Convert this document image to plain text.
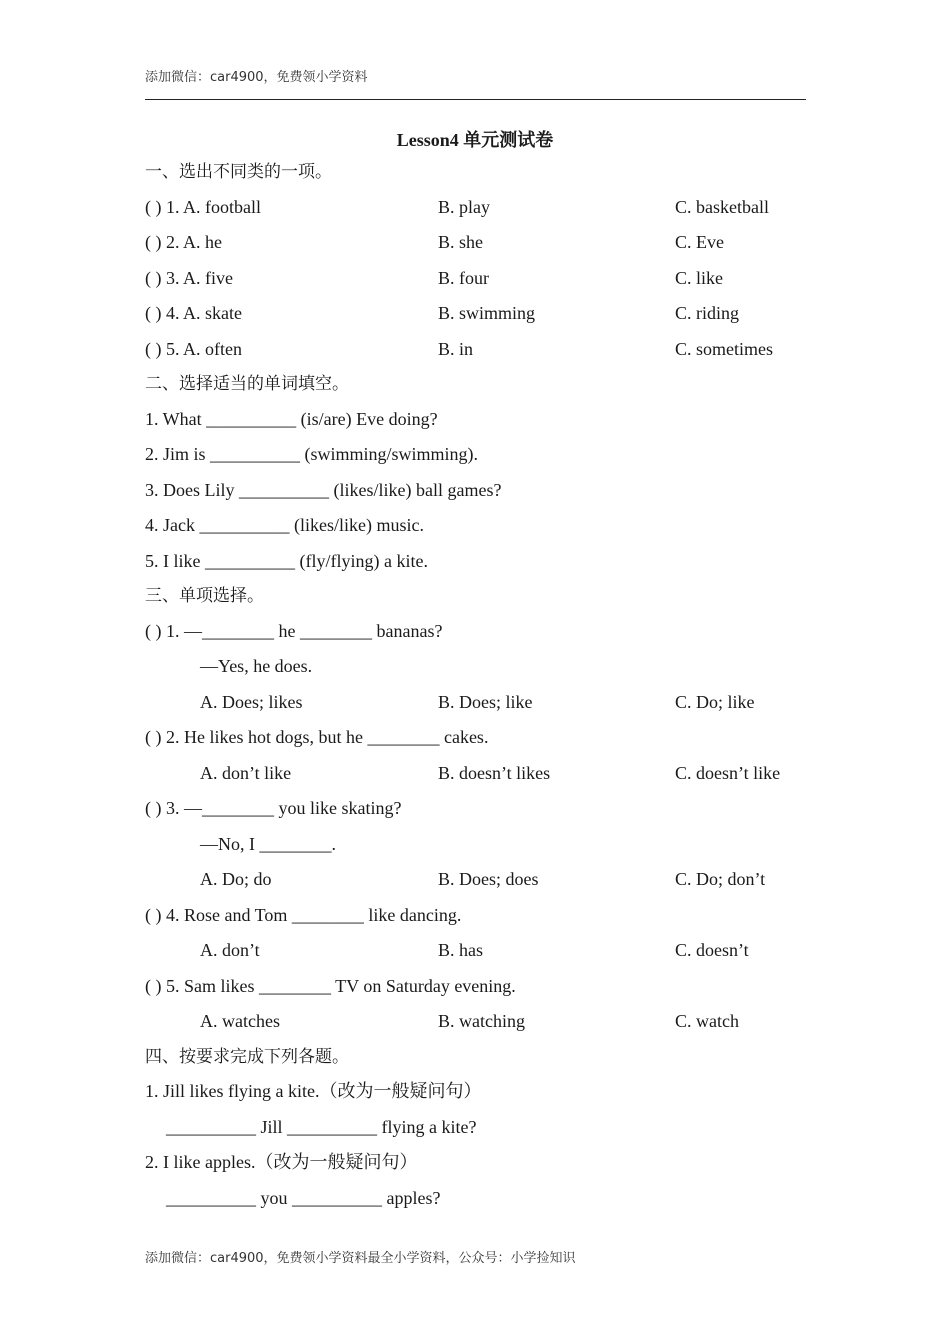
添加微信：car4900，免费领小学资料
Lesson4 单元测试卷
一、选出不同类的一项。
( ) 1. A. football	B. play	C. basketball
( ) 2. A. he	B. she	C. Eve
( ) 3. A. five	B. four	C. like
( ) 4. A. skate	B. swimming	C. riding
( ) 5. A. often	B. in	C. sometimes
二、选择适当的单词填空。
1. What __________ (is/are) Eve doing?
2. Jim is __________ (swimming/swimming).
3. Does Lily __________ (likes/like) ball games?
4. Jack __________ (likes/like) music.
5. I like __________ (fly/flying) a kite.
三、单项选择。
( ) 1. —________ he ________ bananas?
—Yes, he does.
A. Does; likes	B. Does; like	C. Do; like
( ) 2. He likes hot dogs, but he ________ cakes.
A. don’t like	B. doesn’t likes	C. doesn’t like
( ) 3. —________ you like skating?
—No, I ________.
A. Do; do	B. Does; does	C. Do; don’t
( ) 4. Rose and Tom ________ like dancing.
A. don’t	B. has	C. doesn’t
( ) 5. Sam likes ________ TV on Saturday evening.
A. watches	B. watching	C. watch
四、按要求完成下列各题。
1. Jill likes flying a kite.（改为一般疑问句）
__________ Jill __________ flying a kite?
2. I like apples.（改为一般疑问句）
__________ you __________ apples?
添加微信：car4900，免费领小学资料最全小学资料，公众号：小学捡知识
